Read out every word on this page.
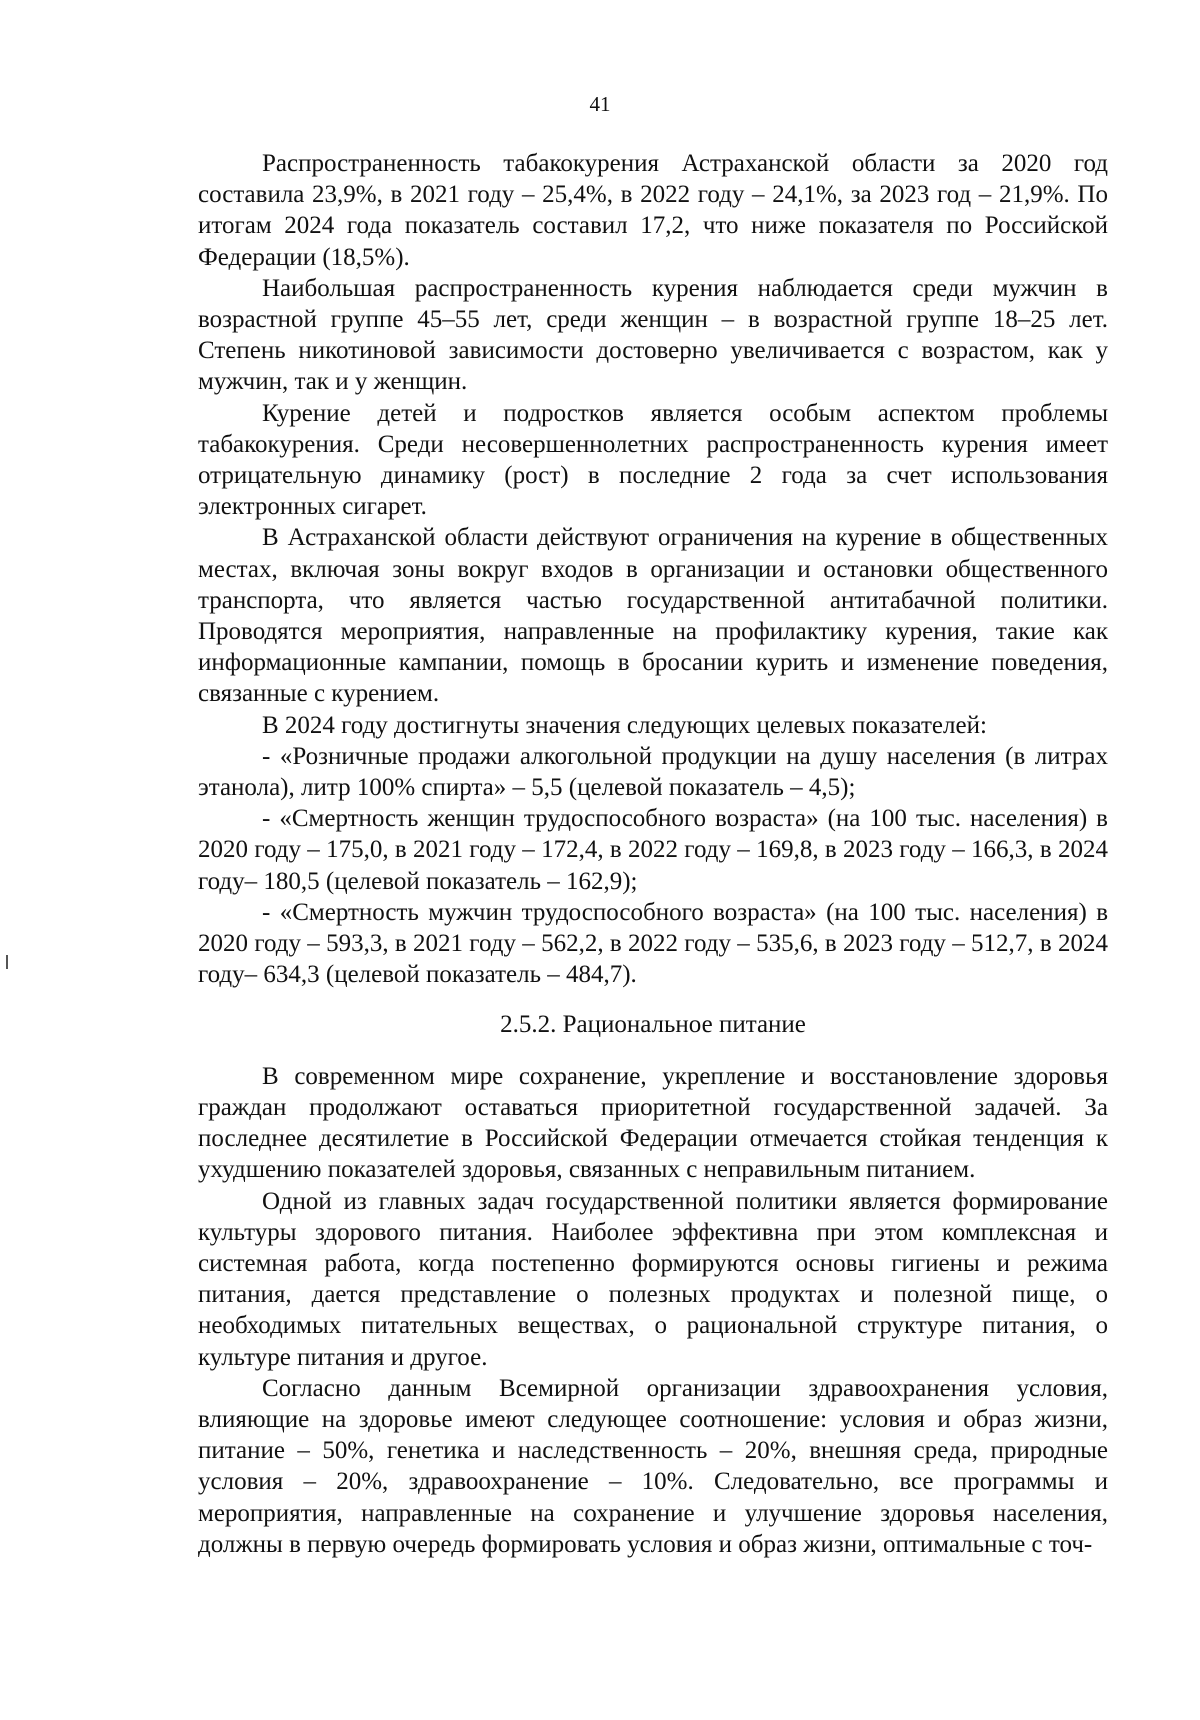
41

Распространенность табакокурения Астраханской области за 2020 год составила 23,9%, в 2021 году – 25,4%, в 2022 году – 24,1%, за 2023 год – 21,9%. По итогам 2024 года показатель составил 17,2, что ниже показателя по Российской Федерации (18,5%).

Наибольшая распространенность курения наблюдается среди мужчин в возрастной группе 45–55 лет, среди женщин – в возрастной группе 18–25 лет. Степень никотиновой зависимости достоверно увеличивается с возрастом, как у мужчин, так и у женщин.

Курение детей и подростков является особым аспектом проблемы табакокурения. Среди несовершеннолетних распространенность курения имеет отрицательную динамику (рост) в последние 2 года за счет использования электронных сигарет.

В Астраханской области действуют ограничения на курение в общественных местах, включая зоны вокруг входов в организации и остановки общественного транспорта, что является частью государственной антитабачной политики. Проводятся мероприятия, направленные на профилактику курения, такие как информационные кампании, помощь в бросании курить и изменение поведения, связанные с курением.

В 2024 году достигнуты значения следующих целевых показателей:

- «Розничные продажи алкогольной продукции на душу населения (в литрах этанола), литр 100% спирта» – 5,5 (целевой показатель – 4,5);

- «Смертность женщин трудоспособного возраста» (на 100 тыс. населения) в 2020 году – 175,0, в 2021 году – 172,4, в 2022 году – 169,8, в 2023 году – 166,3, в 2024 году– 180,5 (целевой показатель – 162,9);

- «Смертность мужчин трудоспособного возраста» (на 100 тыс. населения) в 2020 году – 593,3, в 2021 году – 562,2, в 2022 году – 535,6, в 2023 году – 512,7, в 2024 году– 634,3 (целевой показатель – 484,7).

2.5.2. Рациональное питание

В современном мире сохранение, укрепление и восстановление здоровья граждан продолжают оставаться приоритетной государственной задачей. За последнее десятилетие в Российской Федерации отмечается стойкая тенденция к ухудшению показателей здоровья, связанных с неправильным питанием.

Одной из главных задач государственной политики является формирование культуры здорового питания. Наиболее эффективна при этом комплексная и системная работа, когда постепенно формируются основы гигиены и режима питания, дается представление о полезных продуктах и полезной пище, о необходимых питательных веществах, о рациональной структуре питания, о культуре питания и другое.

Согласно данным Всемирной организации здравоохранения условия, влияющие на здоровье имеют следующее соотношение: условия и образ жизни, питание – 50%, генетика и наследственность – 20%, внешняя среда, природные условия – 20%, здравоохранение – 10%. Следовательно, все программы и мероприятия, направленные на сохранение и улучшение здоровья населения, должны в первую очередь формировать условия и образ жизни, оптимальные с точ-
